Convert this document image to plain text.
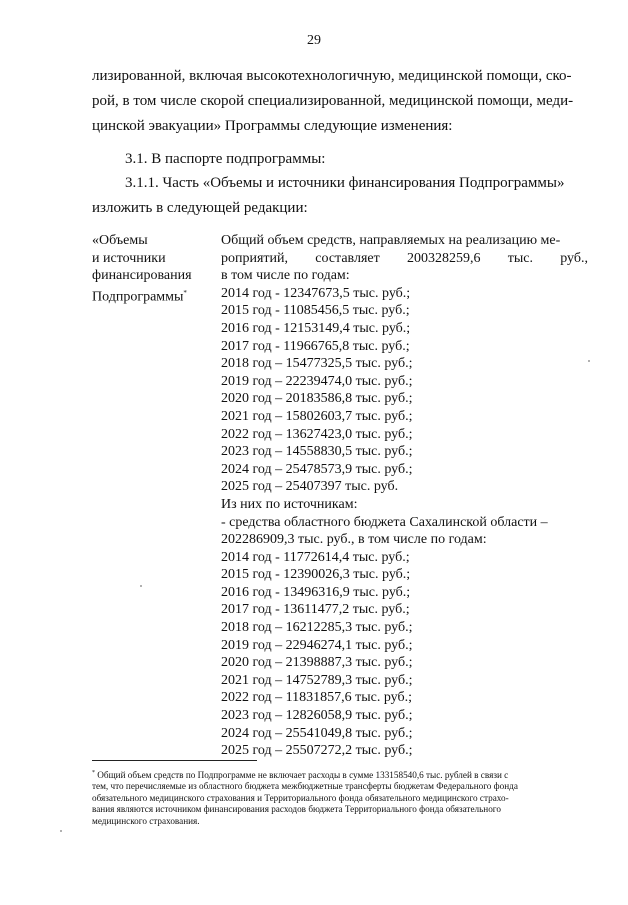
29
лизированной, включая высокотехнологичную, медицинской помощи, ско-
рой, в том числе скорой специализированной, медицинской помощи, меди-
цинской эвакуации» Программы следующие изменения:
3.1. В паспорте подпрограммы:
3.1.1. Часть «Объемы и источники финансирования Подпрограммы»
изложить в следующей редакции:
«Объемы
и источники
финансирования
Подпрограммы*
Общий объем средств, направляемых на реализацию ме-
роприятий, составляет 200328259,6 тыс. руб.,
в том числе по годам:
2014 год - 12347673,5 тыс. руб.;
2015 год - 11085456,5 тыс. руб.;
2016 год - 12153149,4 тыс. руб.;
2017 год - 11966765,8 тыс. руб.;
2018 год – 15477325,5 тыс. руб.;
2019 год – 22239474,0 тыс. руб.;
2020 год – 20183586,8 тыс. руб.;
2021 год – 15802603,7 тыс. руб.;
2022 год – 13627423,0 тыс. руб.;
2023 год – 14558830,5 тыс. руб.;
2024 год – 25478573,9 тыс. руб.;
2025 год – 25407397 тыс. руб.
Из них по источникам:
- средства областного бюджета Сахалинской области –
202286909,3 тыс. руб., в том числе по годам:
2014 год - 11772614,4 тыс. руб.;
2015 год - 12390026,3 тыс. руб.;
2016 год - 13496316,9 тыс. руб.;
2017 год - 13611477,2 тыс. руб.;
2018 год – 16212285,3 тыс. руб.;
2019 год – 22946274,1 тыс. руб.;
2020 год – 21398887,3 тыс. руб.;
2021 год – 14752789,3 тыс. руб.;
2022 год – 11831857,6 тыс. руб.;
2023 год – 12826058,9 тыс. руб.;
2024 год – 25541049,8 тыс. руб.;
2025 год – 25507272,2 тыс. руб.;
* Общий объем средств по Подпрограмме не включает расходы в сумме 133158540,6 тыс. рублей в связи с
тем, что перечисляемые из областного бюджета межбюджетные трансферты бюджетам Федерального фонда
обязательного медицинского страхования и Территориального фонда обязательного медицинского страхо-
вания являются источником финансирования расходов бюджета Территориального фонда обязательного
медицинского страхования.
